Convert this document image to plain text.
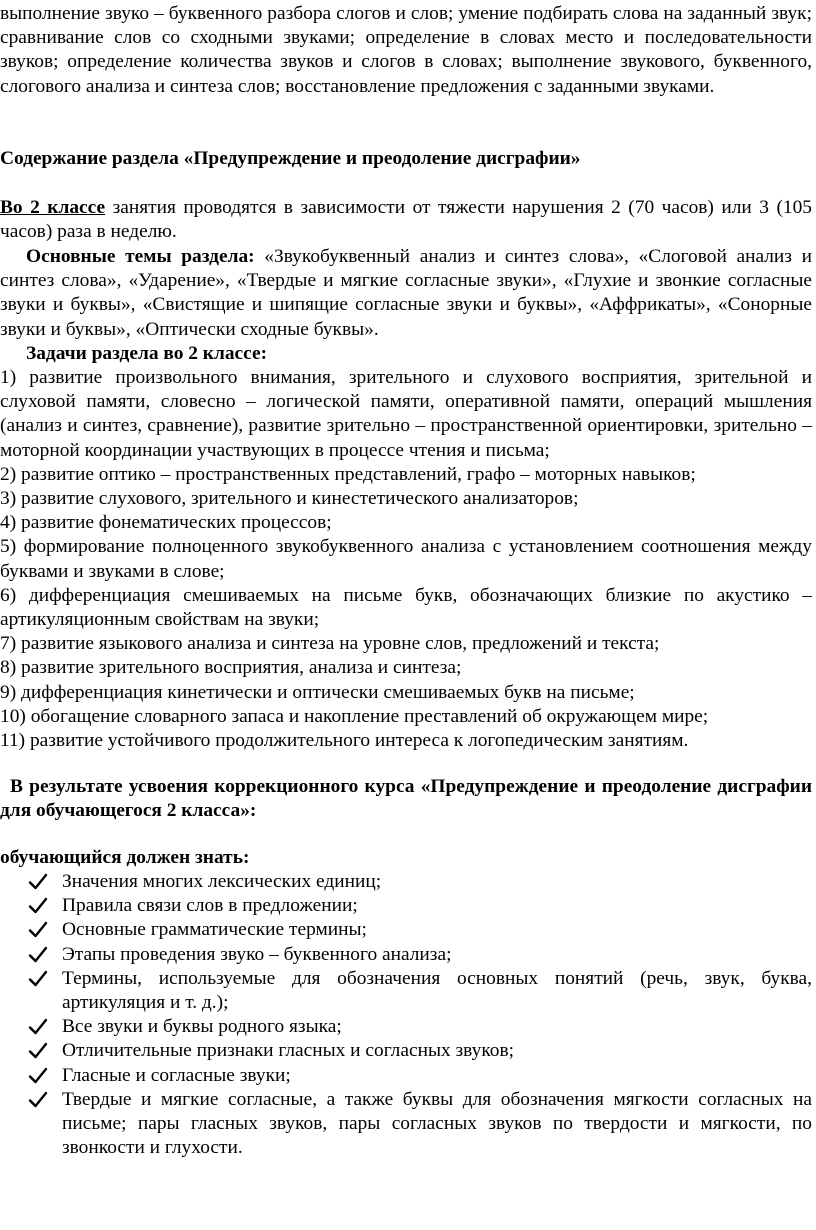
выполнение звуко – буквенного разбора слогов и слов; умение подбирать слова на заданный звук; сравнивание слов со сходными звуками; определение в словах место и последовательности звуков; определение количества звуков и слогов в словах; выполнение звукового, буквенного, слогового анализа и синтеза слов; восстановление предложения с заданными звуками.

Содержание раздела «Предупреждение и преодоление дисграфии»

Во 2 классе занятия проводятся в зависимости от тяжести нарушения 2 (70 часов) или 3 (105 часов) раза в неделю.

Основные темы раздела: «Звукобуквенный анализ и синтез слова», «Слоговой анализ и синтез слова», «Ударение», «Твердые и мягкие согласные звуки», «Глухие и звонкие согласные звуки и буквы», «Свистящие и шипящие согласные звуки и буквы», «Аффрикаты», «Сонорные звуки и буквы», «Оптически сходные буквы».

Задачи раздела во 2 классе:

1) развитие произвольного внимания, зрительного и слухового восприятия, зрительной и слуховой памяти, словесно – логической памяти, оперативной памяти, операций мышления (анализ и синтез, сравнение), развитие зрительно – пространственной ориентировки, зрительно – моторной координации участвующих в процессе чтения и письма;

2) развитие оптико – пространственных представлений, графо – моторных навыков;

3) развитие слухового, зрительного и кинестетического анализаторов;

4) развитие фонематических процессов;

5) формирование полноценного звукобуквенного анализа с установлением соотношения между буквами и звуками в слове;

6) дифференциация смешиваемых на письме букв, обозначающих близкие по акустико – артикуляционным свойствам на звуки;

7) развитие языкового анализа и синтеза на уровне слов, предложений и текста;

8) развитие зрительного восприятия, анализа и синтеза;

9) дифференциация кинетически и оптически смешиваемых букв на письме;

10) обогащение словарного запаса и накопление преставлений об окружающем мире;

11) развитие устойчивого продолжительного интереса к логопедическим занятиям.

В результате усвоения коррекционного курса «Предупреждение и преодоление дисграфии для обучающегося 2 класса»:

обучающийся должен знать:

Значения многих лексических единиц;

Правила связи слов в предложении;

Основные грамматические термины;

Этапы проведения звуко – буквенного анализа;

Термины, используемые для обозначения основных понятий (речь, звук, буква, артикуляция и т. д.);

Все звуки и буквы родного языка;

Отличительные признаки гласных и согласных звуков;

Гласные и согласные звуки;

Твердые и мягкие согласные, а также буквы для обозначения мягкости согласных на письме; пары гласных звуков, пары согласных звуков по твердости и мягкости, по звонкости и глухости.
